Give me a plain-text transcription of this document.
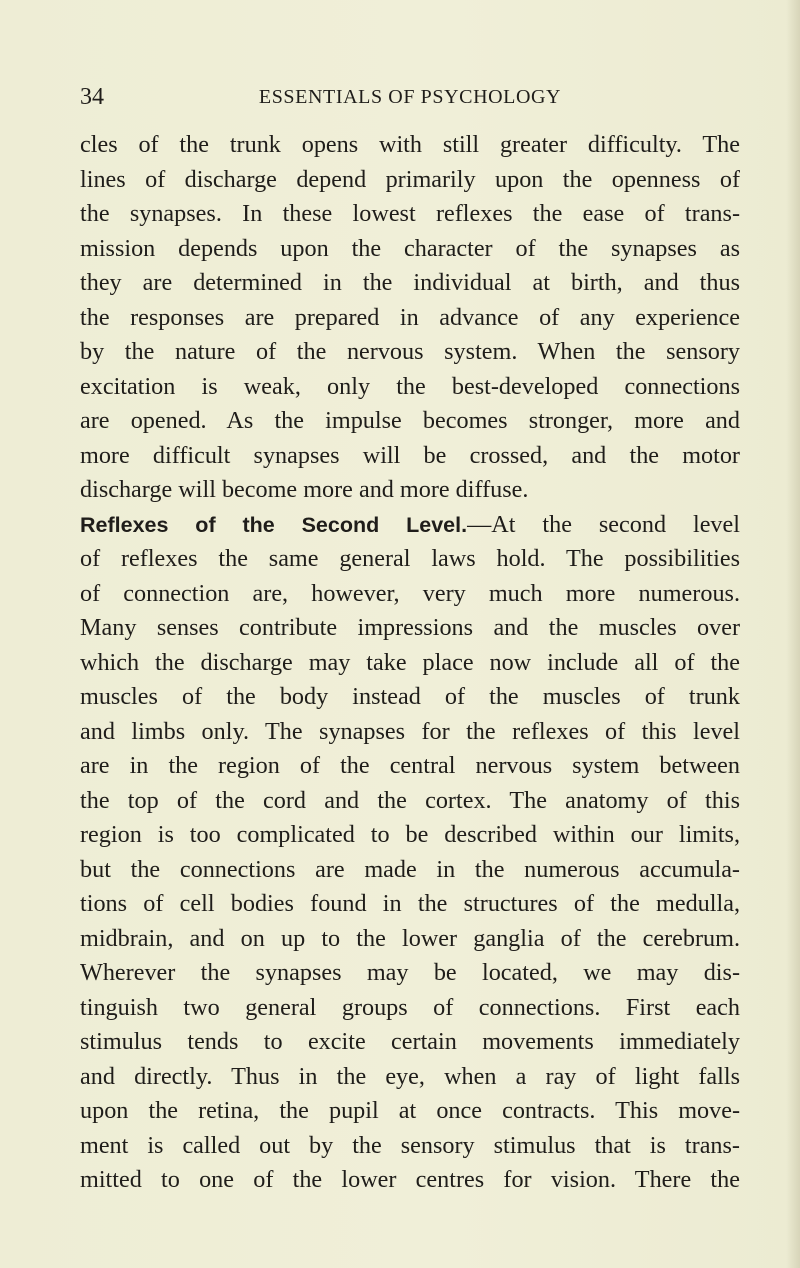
34	ESSENTIALS OF PSYCHOLOGY
cles of the trunk opens with still greater difficulty. The
lines of discharge depend primarily upon the openness of
the synapses. In these lowest reflexes the ease of trans-
mission depends upon the character of the synapses as
they are determined in the individual at birth, and thus
the responses are prepared in advance of any experience
by the nature of the nervous system. When the sensory
excitation is weak, only the best-developed connections
are opened. As the impulse becomes stronger, more and
more difficult synapses will be crossed, and the motor
discharge will become more and more diffuse.
Reflexes of the Second Level.—At the second level
of reflexes the same general laws hold. The possibilities
of connection are, however, very much more numerous.
Many senses contribute impressions and the muscles over
which the discharge may take place now include all of the
muscles of the body instead of the muscles of trunk
and limbs only. The synapses for the reflexes of this level
are in the region of the central nervous system between
the top of the cord and the cortex. The anatomy of this
region is too complicated to be described within our limits,
but the connections are made in the numerous accumula-
tions of cell bodies found in the structures of the medulla,
midbrain, and on up to the lower ganglia of the cerebrum.
Wherever the synapses may be located, we may dis-
tinguish two general groups of connections. First each
stimulus tends to excite certain movements immediately
and directly. Thus in the eye, when a ray of light falls
upon the retina, the pupil at once contracts. This move-
ment is called out by the sensory stimulus that is trans-
mitted to one of the lower centres for vision. There the
